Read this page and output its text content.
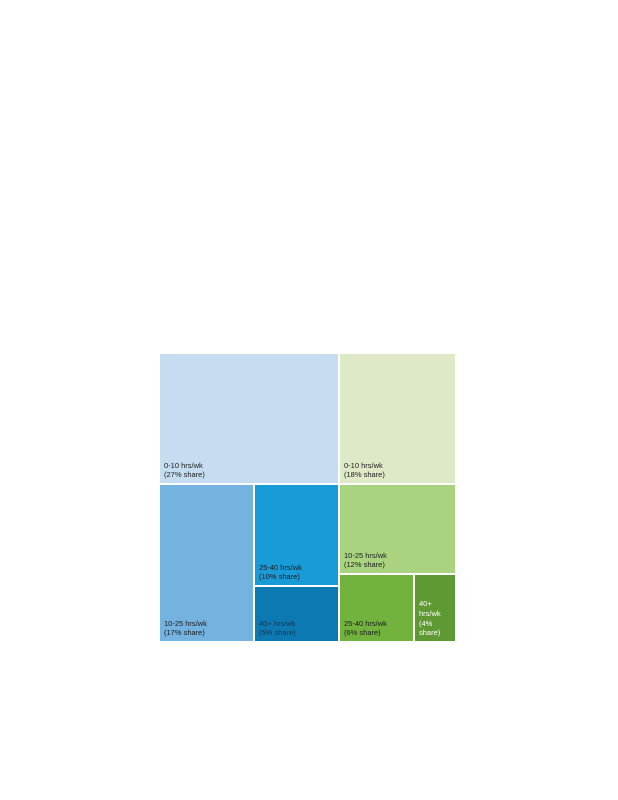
0-10 hrs/wk
(27% share)
10-25 hrs/wk
(17% share)
25-40 hrs/wk
(10% share)
40+ hrs/wk
(5% share)
0-10 hrs/wk
(18% share)
10-25 hrs/wk
(12% share)
25-40 hrs/wk
(6% share)
40+ hrs/wk
(4% share)
